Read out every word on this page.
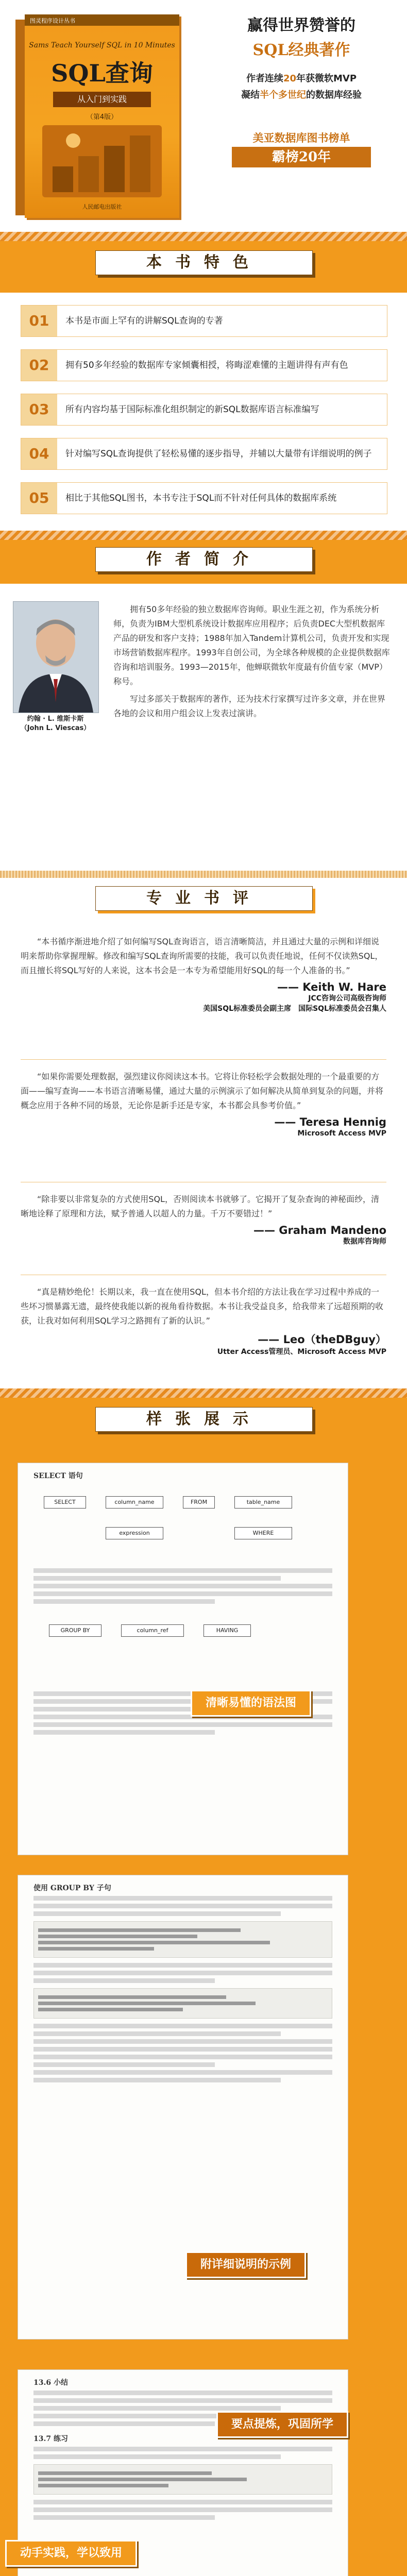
图灵程序设计丛书
Sams Teach Yourself SQL in 10 Minutes
SQL查询
从入门到实践
（第4版）
人民邮电出版社
赢得世界赞誉的
SQL经典著作
作者连续20年获微软MVP
凝结半个多世纪的数据库经验
美亚数据库图书榜单
霸榜20年
本书特色
01	本书是市面上罕有的讲解SQL查询的专著
02	拥有50多年经验的数据库专家倾囊相授，将晦涩难懂的主题讲得有声有色
03	所有内容均基于国际标准化组织制定的新SQL数据库语言标准编写
04	针对编写SQL查询提供了轻松易懂的逐步指导，并辅以大量带有详细说明的例子
05	相比于其他SQL图书，本书专注于SQL而不针对任何具体的数据库系统
作者简介
约翰 · L. 维斯卡斯
（John L. Viescas）

拥有50多年经验的独立数据库咨询师。职业生涯之初，作为系统分析师，负责为IBM大型机系统设计数据库应用程序；后负责DEC大型机数据库产品的研发和客户支持；1988年加入Tandem计算机公司，负责开发和实现市场营销数据库程序。1993年自创公司，为全球各种规模的企业提供数据库咨询和培训服务。1993—2015年，他蝉联微软年度最有价值专家（MVP）称号。

写过多部关于数据库的著作，还为技术行家撰写过许多文章，并在世界各地的会议和用户组会议上发表过演讲。

专业书评

“本书循序渐进地介绍了如何编写SQL查询语言，语言清晰简洁，并且通过大量的示例和详细说明来帮助你掌握理解。修改和编写SQL查询所需要的技能，我可以负责任地说，任何不仅读熟SQL，而且擅长将SQL写好的人来说，这本书会是一本专为希望能用好SQL的每一个人准备的书。”

—— Keith W. Hare
JCC咨询公司高级咨询师
美国SQL标准委员会副主席　国际SQL标准委员会召集人

“如果你需要处理数据，强烈建议你阅读这本书。它将让你轻松学会数据处理的一个最重要的方面——编写查询——本书语言清晰易懂，通过大量的示例演示了如何解决从简单到复杂的问题，并将概念应用于各种不同的场景，无论你是新手还是专家，本书都会具参考价值。”

—— Teresa Hennig
Microsoft Access MVP

“除非要以非常复杂的方式使用SQL，否则阅读本书就够了。它揭开了复杂查询的神秘面纱，清晰地诠释了原理和方法，赋予普通人以超人的力量。千万不要错过！”

—— Graham Mandeno
数据库咨询师

“真是精妙绝伦！长期以来，我一直在使用SQL，但本书介绍的方法让我在学习过程中养成的一些坏习惯暴露无遗，最终使我能以新的视角看待数据。本书让我受益良多，给我带来了远超预期的收获，让我对如何利用SQL学习之路拥有了新的认识。”

—— Leo（theDBguy）
Utter Access管理员、Microsoft Access MVP
样张展示
SELECT 语句
SELECT	column_name	FROM	table_name
expression	WHERE
GROUP BY	column_ref	HAVING
清晰易懂的语法图
使用 GROUP BY 子句
附详细说明的示例
13.6 小结
13.7 练习
要点提炼，巩固所学
动手实践，学以致用
